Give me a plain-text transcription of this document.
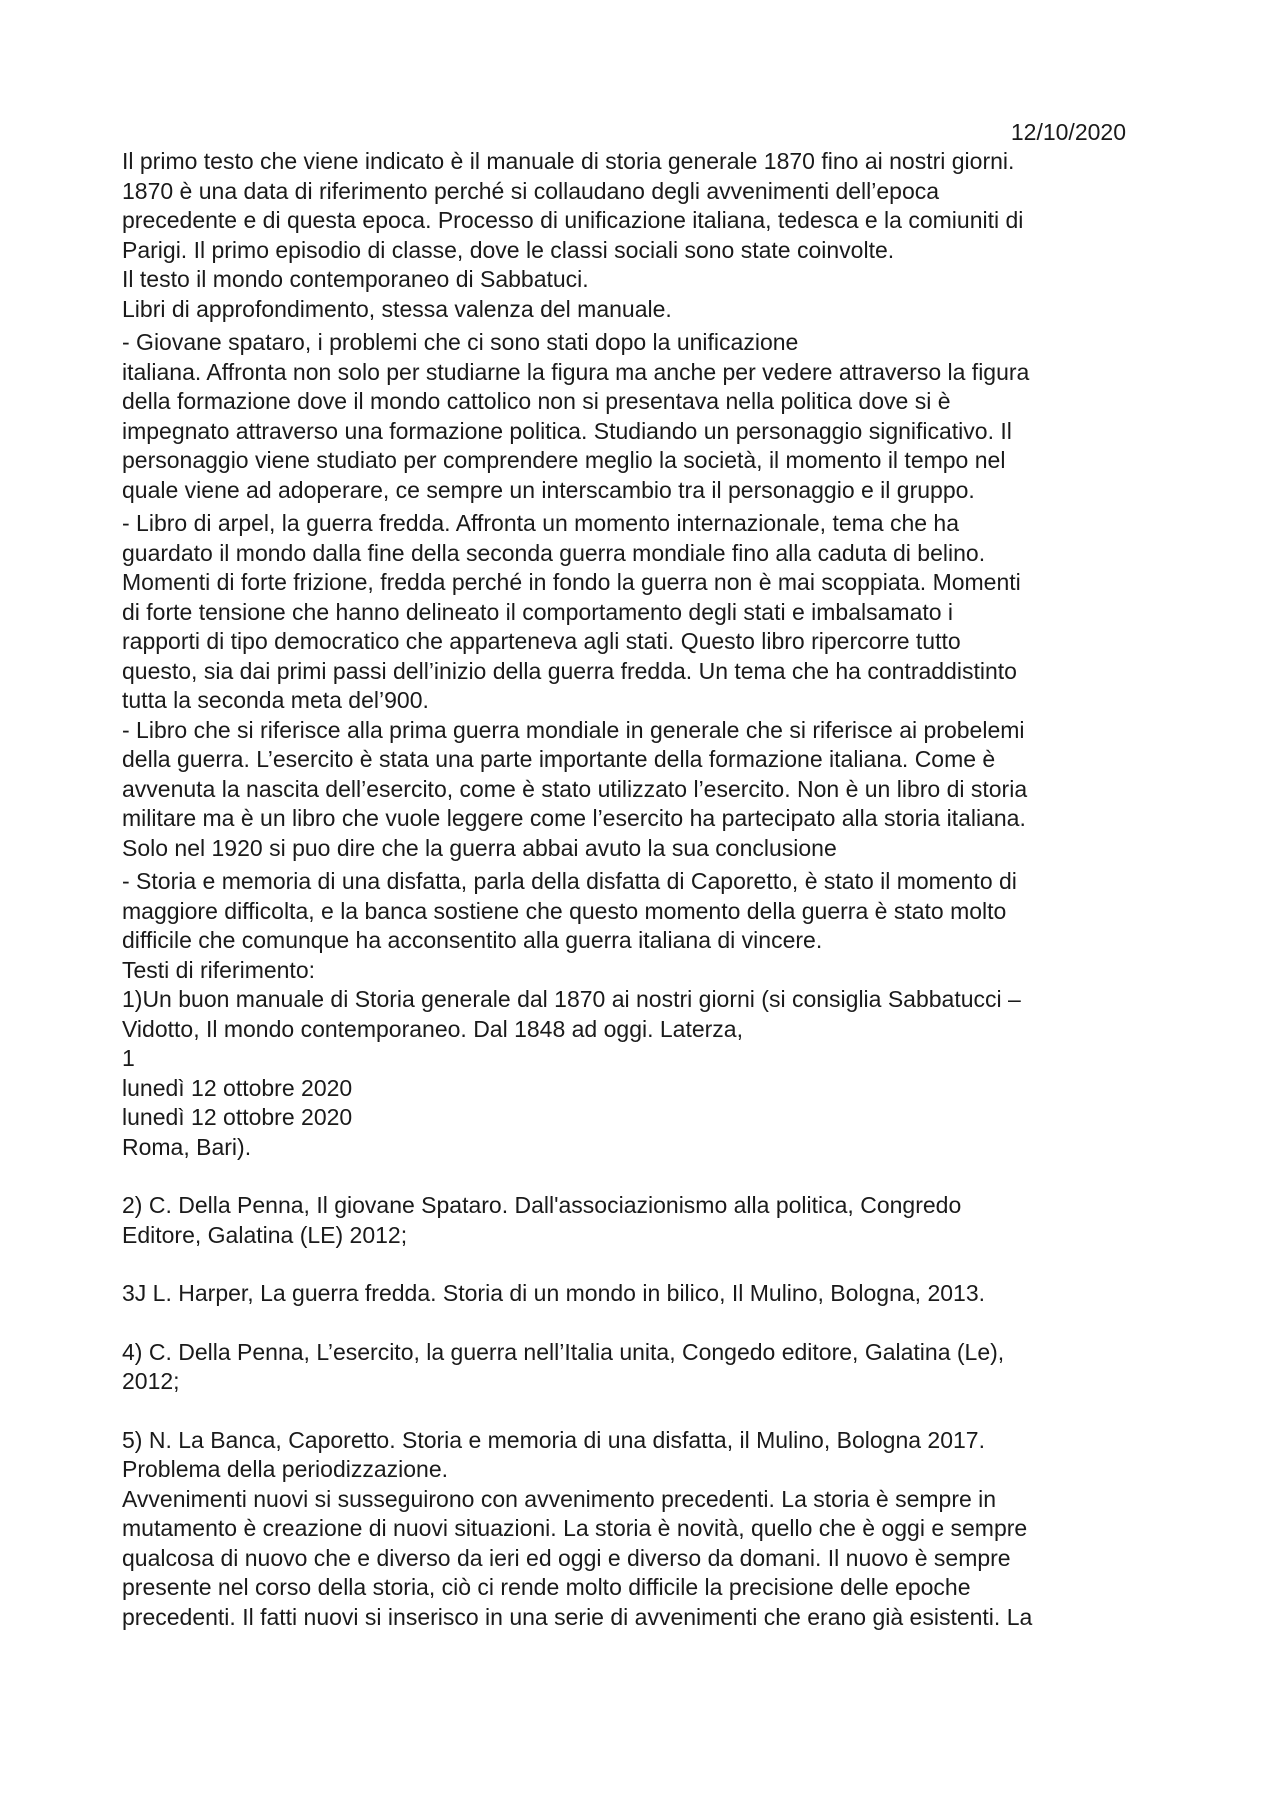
12/10/2020
Il primo testo che viene indicato è il manuale di storia generale 1870 fino ai nostri giorni.
1870 è una data di riferimento perché si collaudano degli avvenimenti dell’epoca
precedente e di questa epoca. Processo di unificazione italiana, tedesca e la comiuniti di
Parigi. Il primo episodio di classe, dove le classi sociali sono state coinvolte.
Il testo il mondo contemporaneo di Sabbatuci.
Libri di approfondimento, stessa valenza del manuale.
- Giovane spataro, i problemi che ci sono stati dopo la unificazione
italiana. Affronta non solo per studiarne la figura ma anche per vedere attraverso la figura
della formazione dove il mondo cattolico non si presentava nella politica dove si è
impegnato attraverso una formazione politica. Studiando un personaggio significativo. Il
personaggio viene studiato per comprendere meglio la società, il momento il tempo nel
quale viene ad adoperare, ce sempre un interscambio tra il personaggio e il gruppo.
- Libro di arpel, la guerra fredda. Affronta un momento internazionale, tema che ha
guardato il mondo dalla fine della seconda guerra mondiale fino alla caduta di belino.
Momenti di forte frizione, fredda perché in fondo la guerra non è mai scoppiata. Momenti
di forte tensione che hanno delineato il comportamento degli stati e imbalsamato i
rapporti di tipo democratico che apparteneva agli stati. Questo libro ripercorre tutto
questo, sia dai primi passi dell’inizio della guerra fredda. Un tema che ha contraddistinto
tutta la seconda meta del’900.
- Libro che si riferisce alla prima guerra mondiale in generale che si riferisce ai probelemi
della guerra. L’esercito è stata una parte importante della formazione italiana. Come è
avvenuta la nascita dell’esercito, come è stato utilizzato l’esercito. Non è un libro di storia
militare ma è un libro che vuole leggere come l’esercito ha partecipato alla storia italiana.
Solo nel 1920 si puo dire che la guerra abbai avuto la sua conclusione
- Storia e memoria di una disfatta, parla della disfatta di Caporetto, è stato il momento di
maggiore difficolta, e la banca sostiene che questo momento della guerra è stato molto
difficile che comunque ha acconsentito alla guerra italiana di vincere.
Testi di riferimento:
1)Un buon manuale di Storia generale dal 1870 ai nostri giorni (si consiglia Sabbatucci –
Vidotto, Il mondo contemporaneo. Dal 1848 ad oggi. Laterza,
1
lunedì 12 ottobre 2020
lunedì 12 ottobre 2020
Roma, Bari).
2) C. Della Penna, Il giovane Spataro. Dall'associazionismo alla politica, Congredo
Editore, Galatina (LE) 2012;
3J L. Harper, La guerra fredda. Storia di un mondo in bilico, Il Mulino, Bologna, 2013.
4) C. Della Penna, L’esercito, la guerra nell’Italia unita, Congedo editore, Galatina (Le),
2012;
5) N. La Banca, Caporetto. Storia e memoria di una disfatta, il Mulino, Bologna 2017.
Problema della periodizzazione.
Avvenimenti nuovi si susseguirono con avvenimento precedenti. La storia è sempre in
mutamento è creazione di nuovi situazioni. La storia è novità, quello che è oggi e sempre
qualcosa di nuovo che e diverso da ieri ed oggi e diverso da domani. Il nuovo è sempre
presente nel corso della storia, ciò ci rende molto difficile la precisione delle epoche
precedenti. Il fatti nuovi si inserisco in una serie di avvenimenti che erano già esistenti. La
